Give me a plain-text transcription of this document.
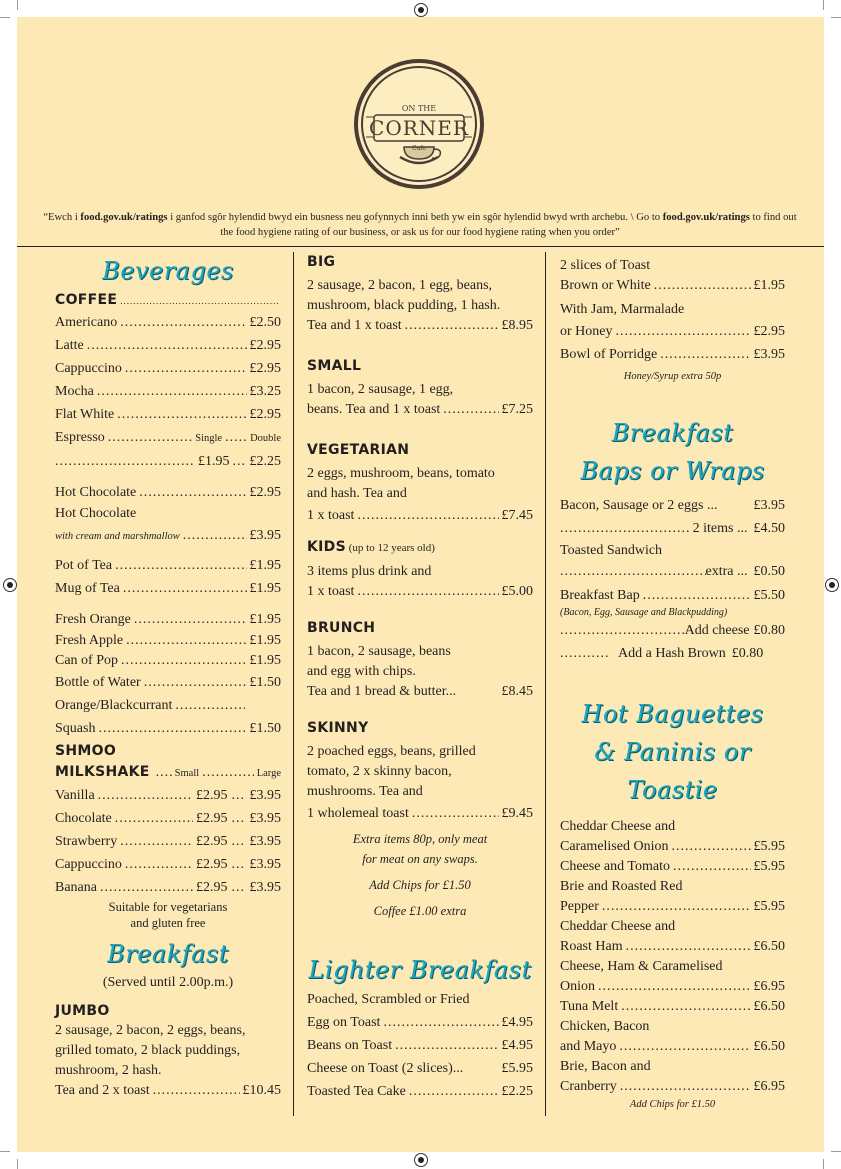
ON THE
CORNER
Cafe
“Ewch i food.gov.uk/ratings i ganfod sgôr hylendid bwyd ein busness neu gofynnych inni beth yw ein sgôr hylendid bwyd wrth archebu. \ Go to food.gov.uk/ratings to find out the food hygiene rating of our business, or ask us for our food hygiene rating when you order”
Beverages
COFFEE
.....
Americano .....	£2.50
Latte .....	£2.95
Cappuccino .....	£2.95
Mocha .....	£3.25
Flat White .....	£2.95
Espresso .....	Single .....	Double
.....
£1.95 ..... £2.25
Hot Chocolate .....	£2.95
Hot Chocolate
with cream and marshmallow .....	£3.95
Pot of Tea .....	£1.95
Mug of Tea .....	£1.95
Fresh Orange .....	£1.95
Fresh Apple .....	£1.95
Can of Pop .....	£1.95
Bottle of Water .....	£1.50
Orange/Blackcurrant
.....
Squash .....	£1.50
SHMOO
MILKSHAKE ..... Small .....	Large
Vanilla .....	£2.95 ..... £3.95
Chocolate .....	£2.95 ..... £3.95
Strawberry .....	£2.95 ..... £3.95
Cappuccino .....	£2.95 ..... £3.95
Banana .....	£2.95 ..... £3.95
Suitable for vegetarians
and gluten free
Breakfast
(Served until 2.00p.m.)
JUMBO
2 sausage, 2 bacon, 2 eggs, beans,
grilled tomato, 2 black puddings,
mushroom, 2 hash.
Tea and 2 x toast .....	£10.45
BIG
2 sausage, 2 bacon, 1 egg, beans,
mushroom, black pudding, 1 hash.
Tea and 1 x toast .....	£8.95
SMALL
1 bacon, 2 sausage, 1 egg,
beans. Tea and 1 x toast .....	£7.25
VEGETARIAN
2 eggs, mushroom, beans, tomato
and hash. Tea and
1 x toast .....	£7.45
KIDS (up to 12 years old)
3 items plus drink and
1 x toast .....	£5.00
BRUNCH
1 bacon, 2 sausage, beans
and egg with chips.
Tea and 1 bread & butter...	£8.45
SKINNY
2 poached eggs, beans, grilled
tomato, 2 x skinny bacon,
mushrooms. Tea and
1 wholemeal toast .....	£9.45
Extra items 80p, only meat
for meat on any swaps.
Add Chips for £1.50
Coffee £1.00 extra
Lighter Breakfast
Poached, Scrambled or Fried
Egg on Toast .....	£4.95
Beans on Toast .....	£4.95
Cheese on Toast (2 slices)...	£5.95
Toasted Tea Cake .....	£2.25
2 slices of Toast
Brown or White .....	£1.95
With Jam, Marmalade
or Honey .....	£2.95
Bowl of Porridge .....	£3.95
Honey/Syrup extra 50p
Breakfast
Baps or Wraps
Bacon, Sausage or 2 eggs ...	£3.95
.....
2 items ... £4.50
Toasted Sandwich
.....
extra ... £0.50
Breakfast Bap .....	£5.50
(Bacon, Egg, Sausage and Blackpudding)
.....
Add cheese £0.80
.....
Add a Hash Brown £0.80
Hot Baguettes
& Paninis or
Toastie
Cheddar Cheese and
Caramelised Onion .....	£5.95
Cheese and Tomato .....	£5.95
Brie and Roasted Red
Pepper .....	£5.95
Cheddar Cheese and
Roast Ham .....	£6.50
Cheese, Ham & Caramelised
Onion .....	£6.95
Tuna Melt .....	£6.50
Chicken, Bacon
and Mayo .....	£6.50
Brie, Bacon and
Cranberry .....	£6.95
Add Chips for £1.50
